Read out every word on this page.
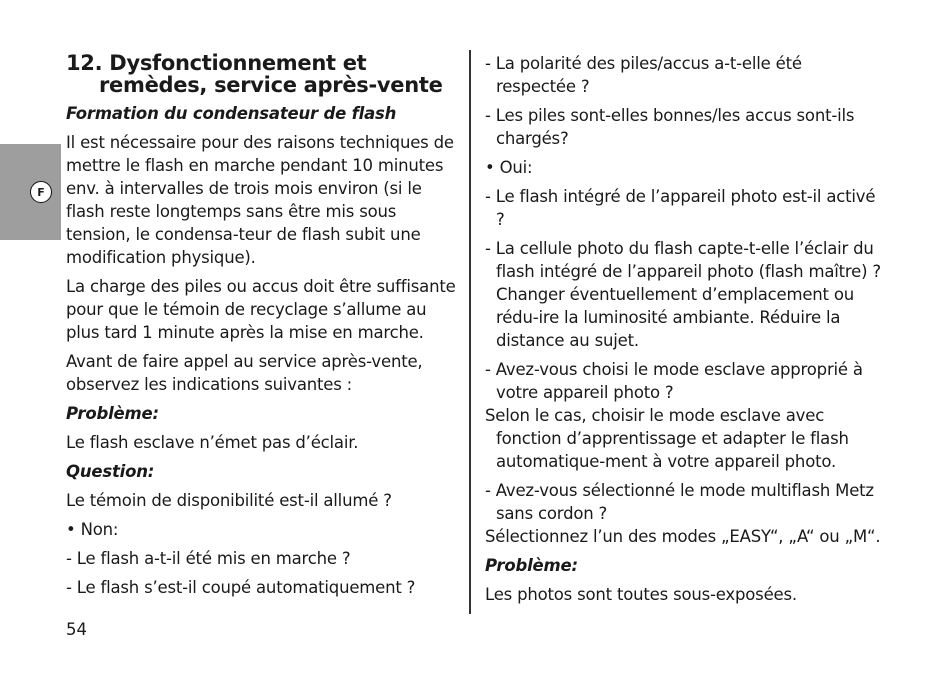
F
12. Dysfonctionnement et remèdes, service après-vente
Formation du condensateur de flash

Il est nécessaire pour des raisons techniques de mettre le flash en marche pendant 10 minutes env. à intervalles de trois mois environ (si le flash reste longtemps sans être mis sous tension, le condensa-teur de flash subit une modification physique).

La charge des piles ou accus doit être suffisante pour que le témoin de recyclage s’allume au plus tard 1 minute après la mise en marche.

Avant de faire appel au service après-vente, observez les indications suivantes :

Problème:

Le flash esclave n’émet pas d’éclair.

Question:

Le témoin de disponibilité est-il allumé ?

• Non:

- Le flash a-t-il été mis en marche ?
- Le flash s’est-il coupé automatiquement ?
- La polarité des piles/accus a-t-elle été respectée ?
- Les piles sont-elles bonnes/les accus sont-ils chargés?

• Oui:

- Le flash intégré de l’appareil photo est-il activé ?
- La cellule photo du flash capte-t-elle l’éclair du flash intégré de l’appareil photo (flash maître) ? Changer éventuellement d’emplacement ou rédu-ire la luminosité ambiante. Réduire la distance au sujet.
- Avez-vous choisi le mode esclave approprié à votre appareil photo ?
Selon le cas, choisir le mode esclave avec fonction d’apprentissage et adapter le flash automatique-ment à votre appareil photo.
- Avez-vous sélectionné le mode multiflash Metz sans cordon ?
Sélectionnez l’un des modes „EASY“, „A“ ou „M“.
Problème:

Les photos sont toutes sous-exposées.

54
